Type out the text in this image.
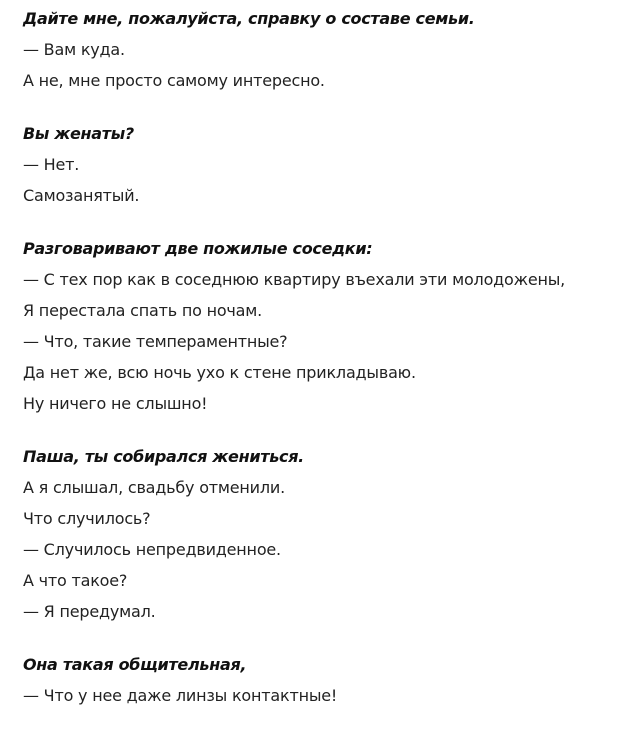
Дайте мне, пожалуйста, справку о составе семьи.
— Вам куда.
А не, мне просто самому интересно.
Вы женаты?
— Нет.
Самозанятый.
Разговаривают две пожилые соседки:
— С тех пор как в соседнюю квартиру въехали эти молодожены,
Я перестала спать по ночам.
— Что, такие темпераментные?
Да нет же, всю ночь ухо к стене прикладываю.
Ну ничего не слышно!
Паша, ты собирался жениться.
А я слышал, свадьбу отменили.
Что случилось?
— Случилось непредвиденное.
А что такое?
— Я передумал.
Она такая общительная,
— Что у нее даже линзы контактные!
